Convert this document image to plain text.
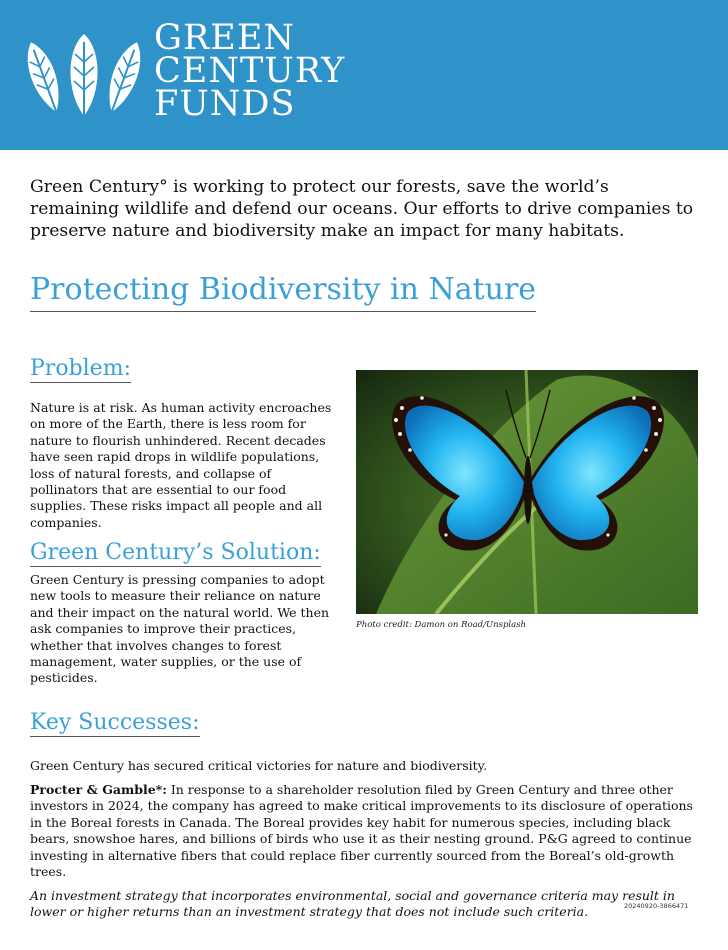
GREEN
CENTURY
FUNDS

Green Century° is working to protect our forests, save the world’s remaining wildlife and defend our oceans. Our efforts to drive companies to preserve nature and biodiversity make an impact for many habitats.

Protecting Biodiversity in Nature
Problem:

Nature is at risk. As human activity encroaches on more of the Earth, there is less room for nature to flourish unhindered. Recent decades have seen rapid drops in wildlife populations, loss of natural forests, and collapse of pollinators that are essential to our food supplies. These risks impact all people and all companies.

Green Century’s Solution:

Green Century is pressing companies to adopt new tools to measure their reliance on nature and their impact on the natural world. We then ask companies to improve their practices, whether that involves changes to forest management, water supplies, or the use of pesticides.

Photo credit: Damon on Road/Unsplash
Key Successes:

Green Century has secured critical victories for nature and biodiversity.

Procter & Gamble*: In response to a shareholder resolution filed by Green Century and three other investors in 2024, the company has agreed to make critical improvements to its disclosure of operations in the Boreal forests in Canada. The Boreal provides key habit for numerous species, including black bears, snowshoe hares, and billions of birds who use it as their nesting ground. P&G agreed to continue investing in alternative fibers that could replace fiber currently sourced from the Boreal’s old-growth trees.

An investment strategy that incorporates environmental, social and governance criteria may result in lower or higher returns than an investment strategy that does not include such criteria.	20240920-3866471
